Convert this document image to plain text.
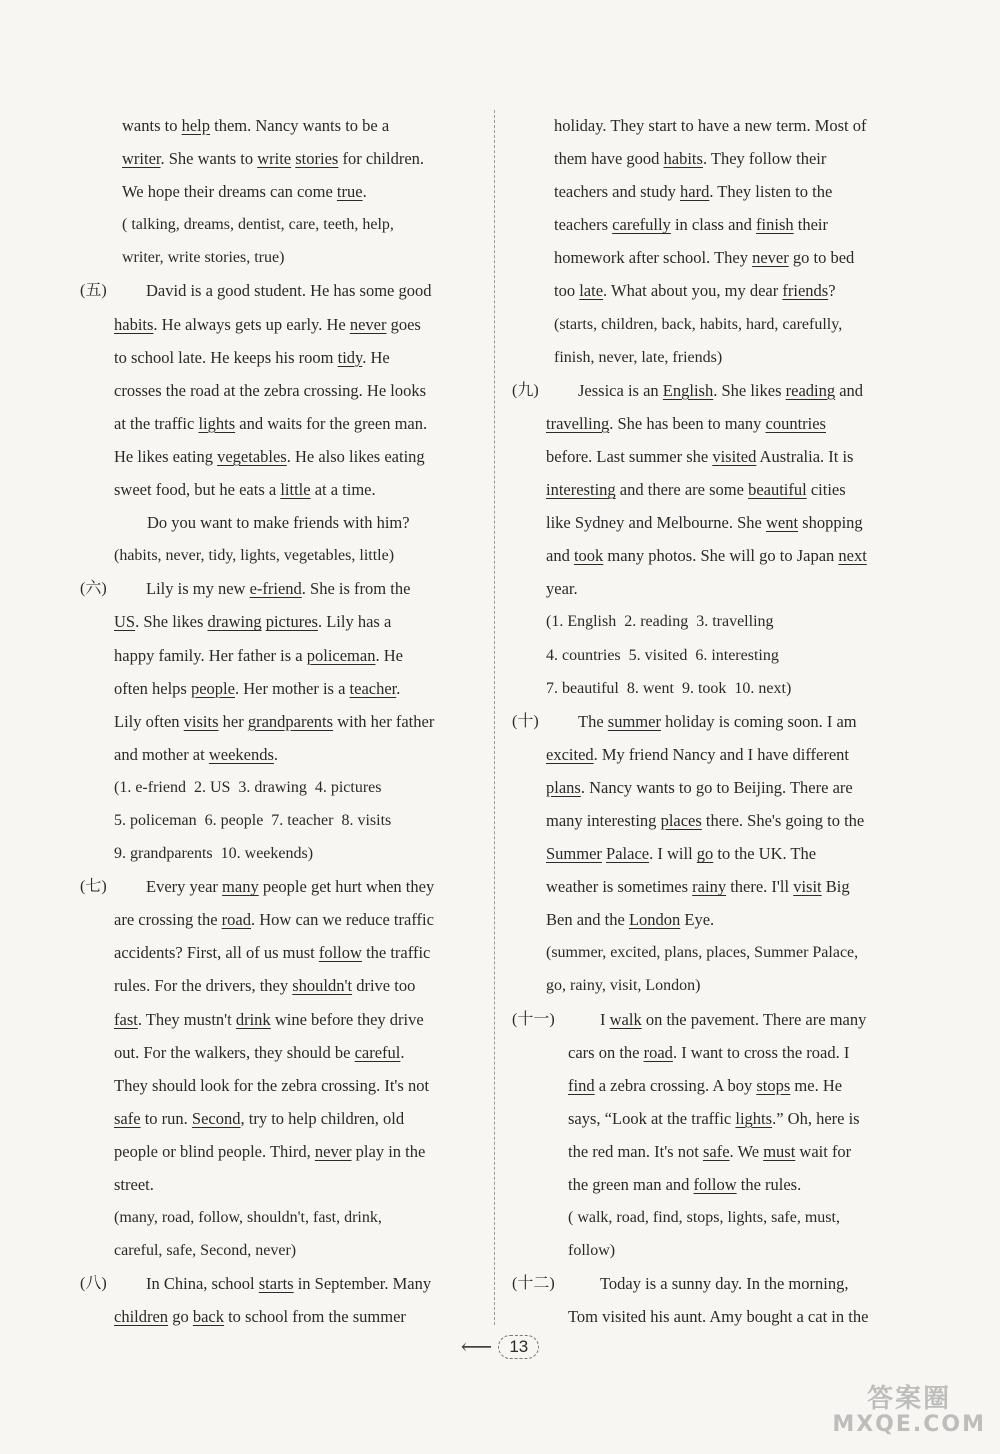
wants to help them. Nancy wants to be a
writer. She wants to write stories for children.
We hope their dreams can come true.
( talking, dreams, dentist, care, teeth, help,
writer, write stories, true)
(五)	David is a good student. He has some good
habits. He always gets up early. He never goes
to school late. He keeps his room tidy. He
crosses the road at the zebra crossing. He looks
at the traffic lights and waits for the green man.
He likes eating vegetables. He also likes eating
sweet food, but he eats a little at a time.
  Do you want to make friends with him?
(habits, never, tidy, lights, vegetables, little)
(六)	Lily is my new e-friend. She is from the
US. She likes drawing pictures. Lily has a
happy family. Her father is a policeman. He
often helps people. Her mother is a teacher.
Lily often visits her grandparents with her father
and mother at weekends.
(1. e-friend  2. US  3. drawing  4. pictures
5. policeman  6. people  7. teacher  8. visits
9. grandparents  10. weekends)
(七)	Every year many people get hurt when they
are crossing the road. How can we reduce traffic
accidents? First, all of us must follow the traffic
rules. For the drivers, they shouldn't drive too
fast. They mustn't drink wine before they drive
out. For the walkers, they should be careful.
They should look for the zebra crossing. It's not
safe to run. Second, try to help children, old
people or blind people. Third, never play in the
street.
(many, road, follow, shouldn't, fast, drink,
careful, safe, Second, never)
(八)	In China, school starts in September. Many
children go back to school from the summer
holiday. They start to have a new term. Most of
them have good habits. They follow their
teachers and study hard. They listen to the
teachers carefully in class and finish their
homework after school. They never go to bed
too late. What about you, my dear friends?
(starts, children, back, habits, hard, carefully,
finish, never, late, friends)
(九)	Jessica is an English. She likes reading and
travelling. She has been to many countries
before. Last summer she visited Australia. It is
interesting and there are some beautiful cities
like Sydney and Melbourne. She went shopping
and took many photos. She will go to Japan next
year.
(1. English  2. reading  3. travelling
4. countries  5. visited  6. interesting
7. beautiful  8. went  9. took  10. next)
(十)	The summer holiday is coming soon. I am
excited. My friend Nancy and I have different
plans. Nancy wants to go to Beijing. There are
many interesting places there. She's going to the
Summer Palace. I will go to the UK. The
weather is sometimes rainy there. I'll visit Big
Ben and the London Eye.
(summer, excited, plans, places, Summer Palace,
go, rainy, visit, London)
(十一)	I walk on the pavement. There are many
cars on the road. I want to cross the road. I
find a zebra crossing. A boy stops me. He
says, “Look at the traffic lights.” Oh, here is
the red man. It's not safe. We must wait for
the green man and follow the rules.
( walk, road, find, stops, lights, safe, must,
follow)
(十二)	Today is a sunny day. In the morning,
Tom visited his aunt. Amy bought a cat in the
⟵	13
答案圈
MXQE.COM
